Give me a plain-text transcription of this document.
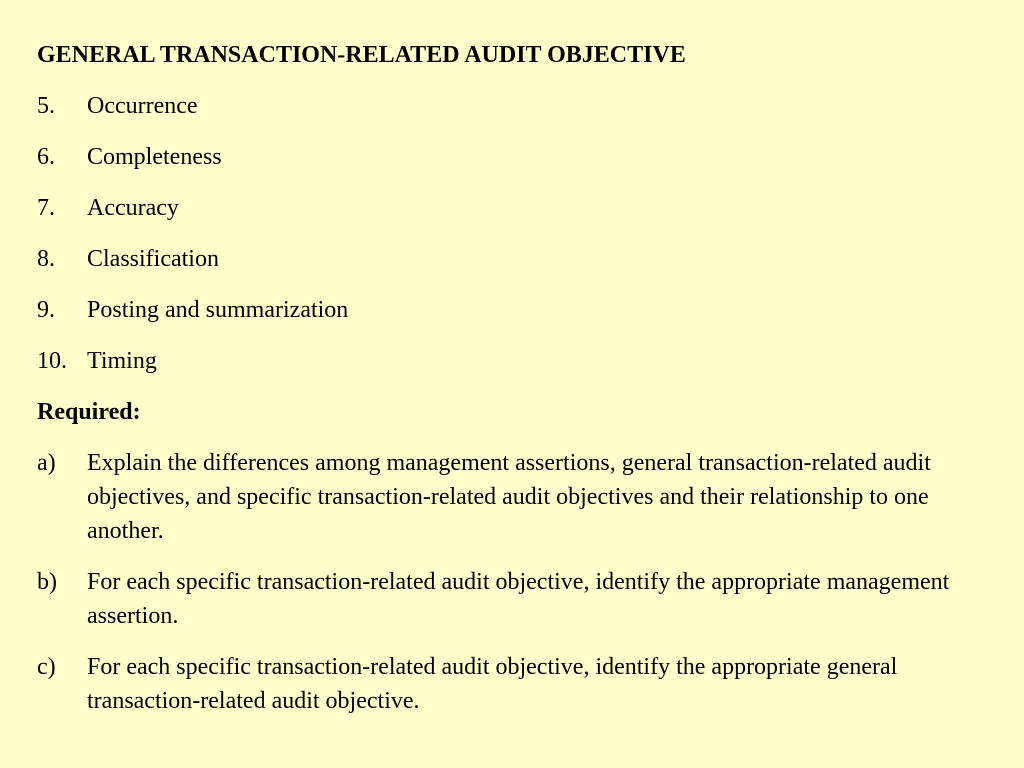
GENERAL TRANSACTION-RELATED AUDIT OBJECTIVE
5.	Occurrence
6.	Completeness
7.	Accuracy
8.	Classification
9.	Posting and summarization
10. Timing
Required:
a)	Explain the differences among management assertions, general transaction-related audit objectives, and specific transaction-related audit objectives and their relationship to one another.
b)	For each specific transaction-related audit objective, identify the appropriate management assertion.
c)	For each specific transaction-related audit objective, identify the appropriate general transaction-related audit objective.
